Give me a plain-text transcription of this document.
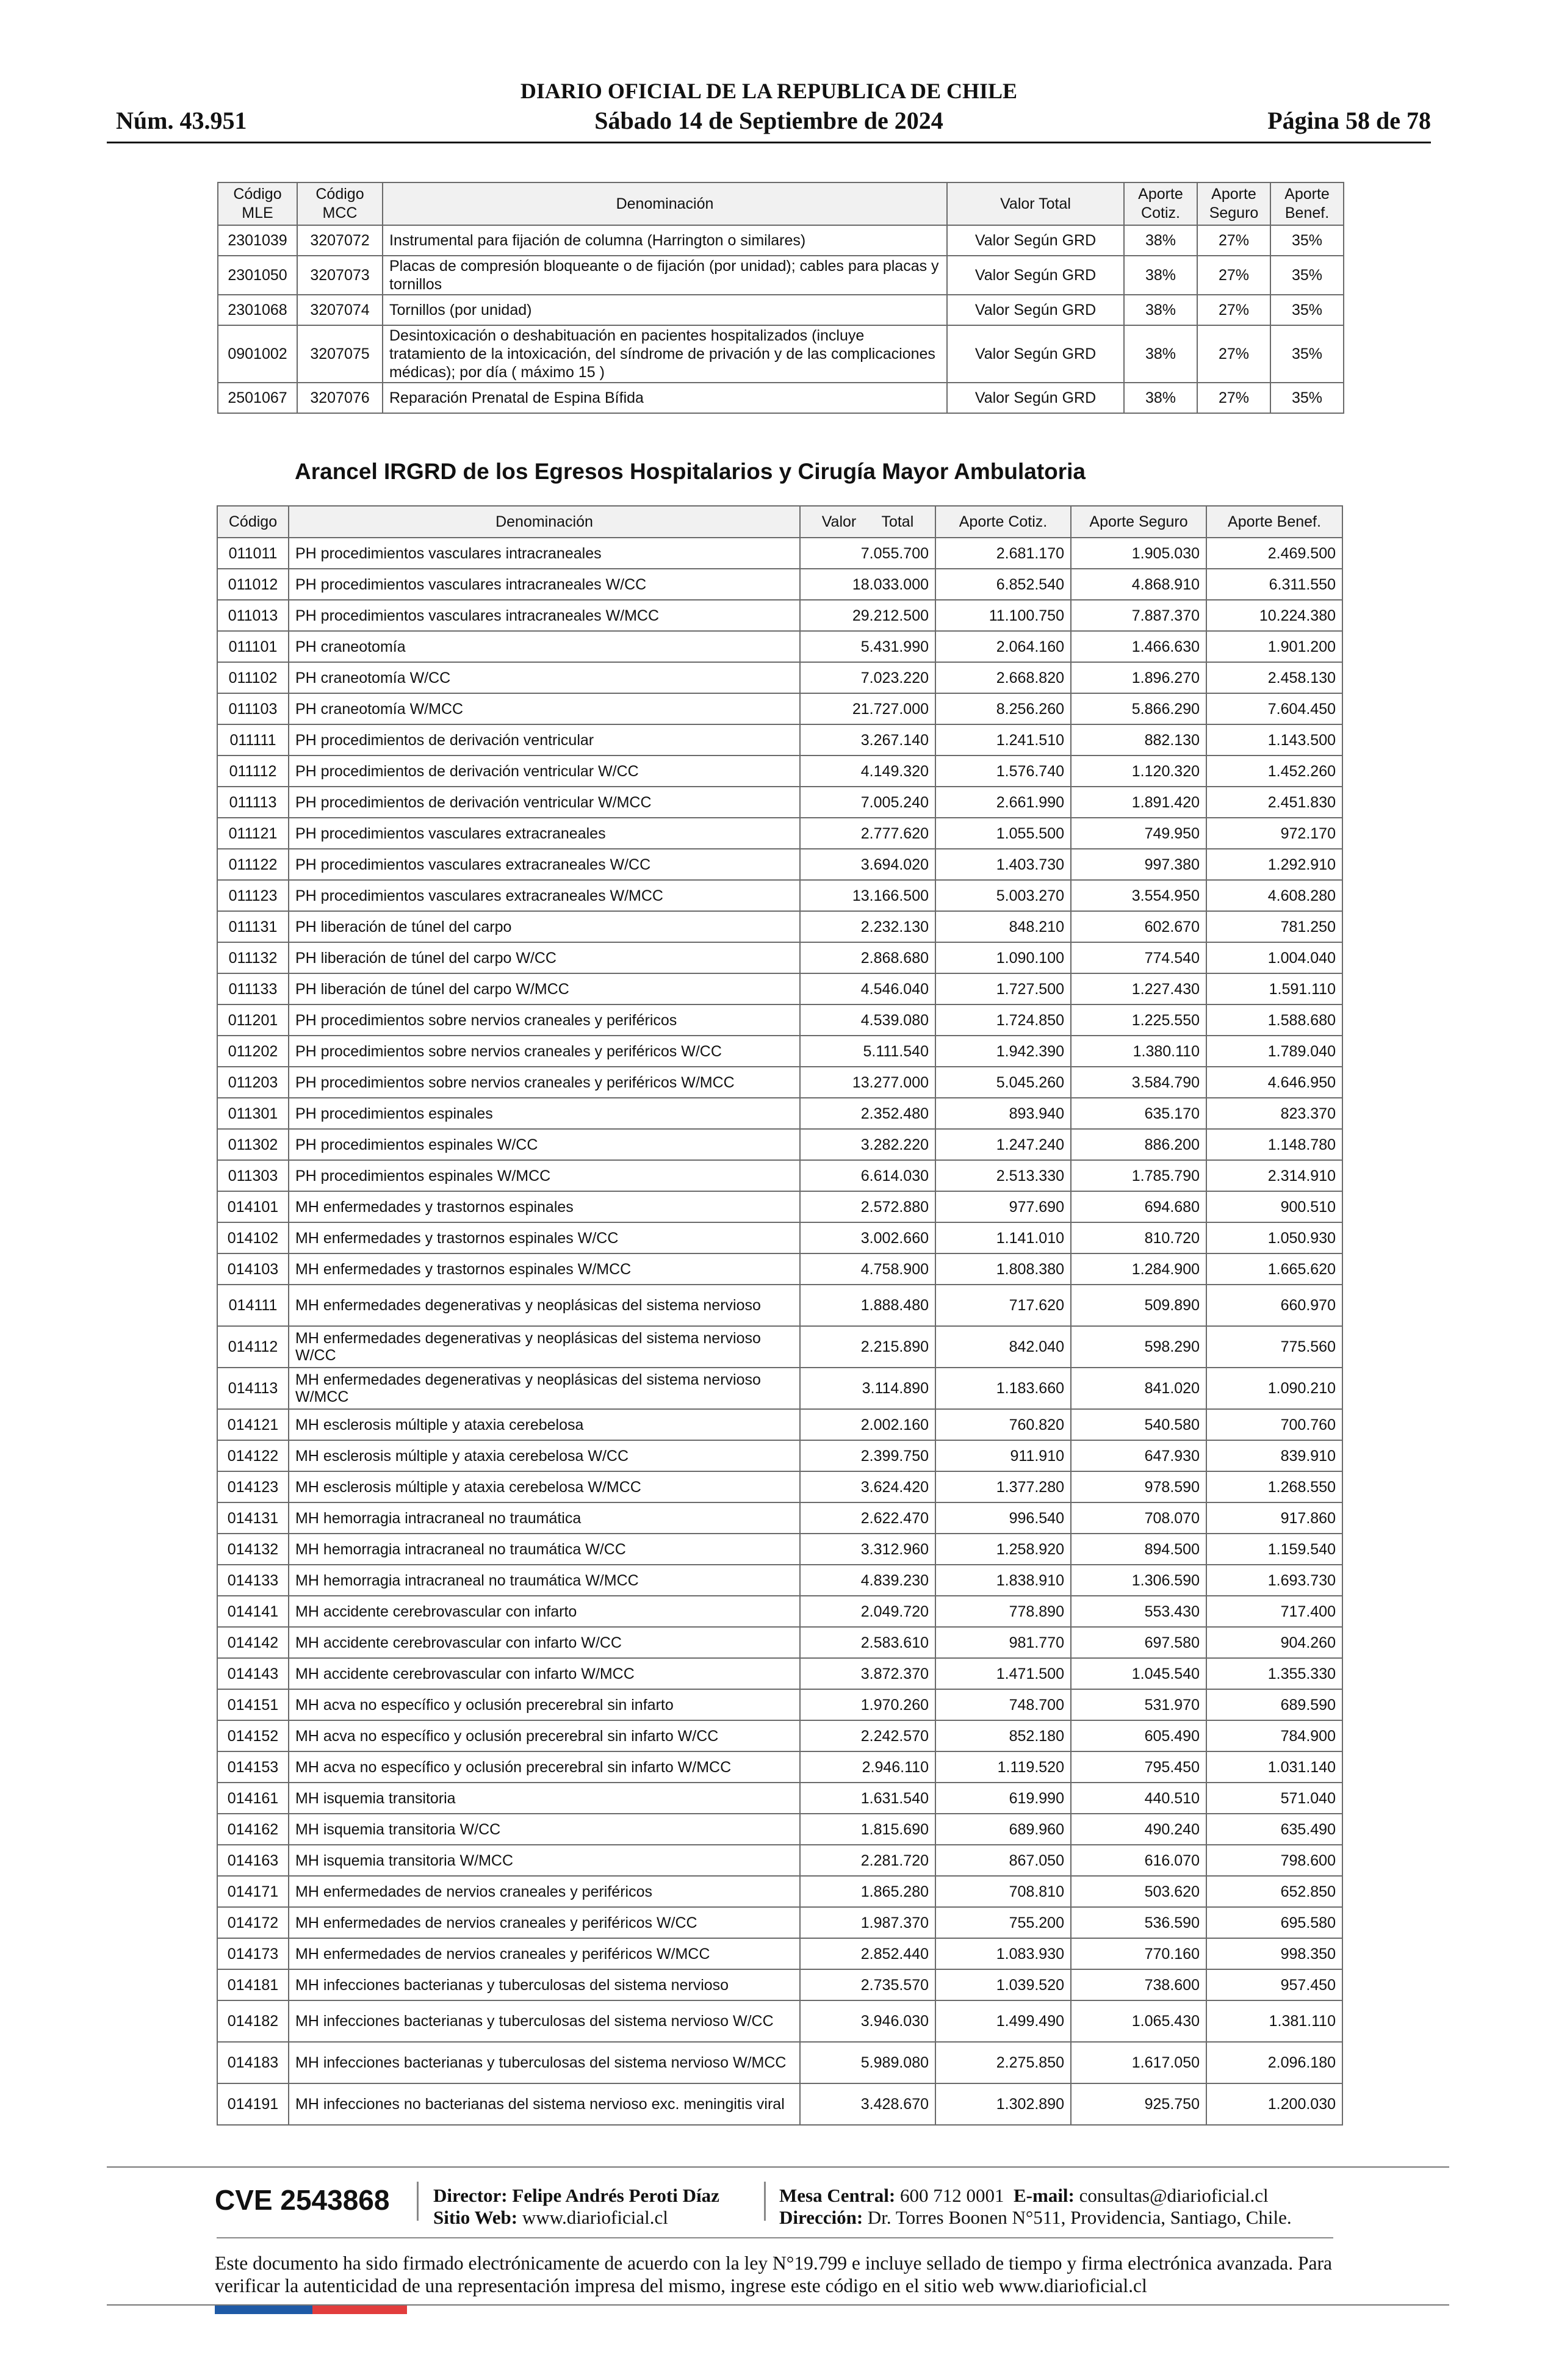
DIARIO OFICIAL DE LA REPUBLICA DE CHILE
Núm. 43.951	Sábado 14 de Septiembre de 2024	Página 58 de 78
Código MLE	Código MCC	Denominación	Valor Total	Aporte Cotiz.	Aporte Seguro	Aporte Benef.
2301039	3207072	Instrumental para fijación de columna (Harrington o similares)	Valor Según GRD	38%	27%	35%
2301050	3207073	Placas de compresión bloqueante o de fijación (por unidad); cables para placas y tornillos	Valor Según GRD	38%	27%	35%
2301068	3207074	Tornillos (por unidad)	Valor Según GRD	38%	27%	35%
0901002	3207075	Desintoxicación o deshabituación en pacientes hospitalizados (incluye tratamiento de la intoxicación, del síndrome de privación y de las complicaciones médicas); por día ( máximo 15 )	Valor Según GRD	38%	27%	35%
2501067	3207076	Reparación Prenatal de Espina Bífida	Valor Según GRD	38%	27%	35%
Arancel IRGRD de los Egresos Hospitalarios y Cirugía Mayor Ambulatoria
Código	Denominación	Valor      Total	Aporte Cotiz.	Aporte Seguro	Aporte Benef.
011011	PH procedimientos vasculares intracraneales	7.055.700	2.681.170	1.905.030	2.469.500
011012	PH procedimientos vasculares intracraneales W/CC	18.033.000	6.852.540	4.868.910	6.311.550
011013	PH procedimientos vasculares intracraneales W/MCC	29.212.500	11.100.750	7.887.370	10.224.380
011101	PH craneotomía	5.431.990	2.064.160	1.466.630	1.901.200
011102	PH craneotomía W/CC	7.023.220	2.668.820	1.896.270	2.458.130
011103	PH craneotomía W/MCC	21.727.000	8.256.260	5.866.290	7.604.450
011111	PH procedimientos de derivación ventricular	3.267.140	1.241.510	882.130	1.143.500
011112	PH procedimientos de derivación ventricular W/CC	4.149.320	1.576.740	1.120.320	1.452.260
011113	PH procedimientos de derivación ventricular W/MCC	7.005.240	2.661.990	1.891.420	2.451.830
011121	PH procedimientos vasculares extracraneales	2.777.620	1.055.500	749.950	972.170
011122	PH procedimientos vasculares extracraneales W/CC	3.694.020	1.403.730	997.380	1.292.910
011123	PH procedimientos vasculares extracraneales W/MCC	13.166.500	5.003.270	3.554.950	4.608.280
011131	PH liberación de túnel del carpo	2.232.130	848.210	602.670	781.250
011132	PH liberación de túnel del carpo W/CC	2.868.680	1.090.100	774.540	1.004.040
011133	PH liberación de túnel del carpo W/MCC	4.546.040	1.727.500	1.227.430	1.591.110
011201	PH procedimientos sobre nervios craneales y periféricos	4.539.080	1.724.850	1.225.550	1.588.680
011202	PH procedimientos sobre nervios craneales y periféricos W/CC	5.111.540	1.942.390	1.380.110	1.789.040
011203	PH procedimientos sobre nervios craneales y periféricos W/MCC	13.277.000	5.045.260	3.584.790	4.646.950
011301	PH procedimientos espinales	2.352.480	893.940	635.170	823.370
011302	PH procedimientos espinales W/CC	3.282.220	1.247.240	886.200	1.148.780
011303	PH procedimientos espinales W/MCC	6.614.030	2.513.330	1.785.790	2.314.910
014101	MH enfermedades y trastornos espinales	2.572.880	977.690	694.680	900.510
014102	MH enfermedades y trastornos espinales W/CC	3.002.660	1.141.010	810.720	1.050.930
014103	MH enfermedades y trastornos espinales W/MCC	4.758.900	1.808.380	1.284.900	1.665.620
014111	MH enfermedades degenerativas y neoplásicas del sistema nervioso	1.888.480	717.620	509.890	660.970
014112	MH enfermedades degenerativas y neoplásicas del sistema nervioso W/CC	2.215.890	842.040	598.290	775.560
014113	MH enfermedades degenerativas y neoplásicas del sistema nervioso W/MCC	3.114.890	1.183.660	841.020	1.090.210
014121	MH esclerosis múltiple y ataxia cerebelosa	2.002.160	760.820	540.580	700.760
014122	MH esclerosis múltiple y ataxia cerebelosa W/CC	2.399.750	911.910	647.930	839.910
014123	MH esclerosis múltiple y ataxia cerebelosa W/MCC	3.624.420	1.377.280	978.590	1.268.550
014131	MH hemorragia intracraneal no traumática	2.622.470	996.540	708.070	917.860
014132	MH hemorragia intracraneal no traumática W/CC	3.312.960	1.258.920	894.500	1.159.540
014133	MH hemorragia intracraneal no traumática W/MCC	4.839.230	1.838.910	1.306.590	1.693.730
014141	MH accidente cerebrovascular con infarto	2.049.720	778.890	553.430	717.400
014142	MH accidente cerebrovascular con infarto W/CC	2.583.610	981.770	697.580	904.260
014143	MH accidente cerebrovascular con infarto W/MCC	3.872.370	1.471.500	1.045.540	1.355.330
014151	MH acva no específico y oclusión precerebral sin infarto	1.970.260	748.700	531.970	689.590
014152	MH acva no específico y oclusión precerebral sin infarto W/CC	2.242.570	852.180	605.490	784.900
014153	MH acva no específico y oclusión precerebral sin infarto W/MCC	2.946.110	1.119.520	795.450	1.031.140
014161	MH isquemia transitoria	1.631.540	619.990	440.510	571.040
014162	MH isquemia transitoria W/CC	1.815.690	689.960	490.240	635.490
014163	MH isquemia transitoria W/MCC	2.281.720	867.050	616.070	798.600
014171	MH enfermedades de nervios craneales y periféricos	1.865.280	708.810	503.620	652.850
014172	MH enfermedades de nervios craneales y periféricos W/CC	1.987.370	755.200	536.590	695.580
014173	MH enfermedades de nervios craneales y periféricos W/MCC	2.852.440	1.083.930	770.160	998.350
014181	MH infecciones bacterianas y tuberculosas del sistema nervioso	2.735.570	1.039.520	738.600	957.450
014182	MH infecciones bacterianas y tuberculosas del sistema nervioso W/CC	3.946.030	1.499.490	1.065.430	1.381.110
014183	MH infecciones bacterianas y tuberculosas del sistema nervioso W/MCC	5.989.080	2.275.850	1.617.050	2.096.180
014191	MH infecciones no bacterianas del sistema nervioso exc. meningitis viral	3.428.670	1.302.890	925.750	1.200.030
CVE 2543868 Director: Felipe Andrés Peroti Díaz
Sitio Web: www.diarioficial.cl
Mesa Central: 600 712 0001 E-mail: consultas@diarioficial.cl
Dirección: Dr. Torres Boonen N°511, Providencia, Santiago, Chile.
Este documento ha sido firmado electrónicamente de acuerdo con la ley N°19.799 e incluye sellado de tiempo y firma electrónica avanzada. Para verificar la autenticidad de una representación impresa del mismo, ingrese este código en el sitio web www.diarioficial.cl
